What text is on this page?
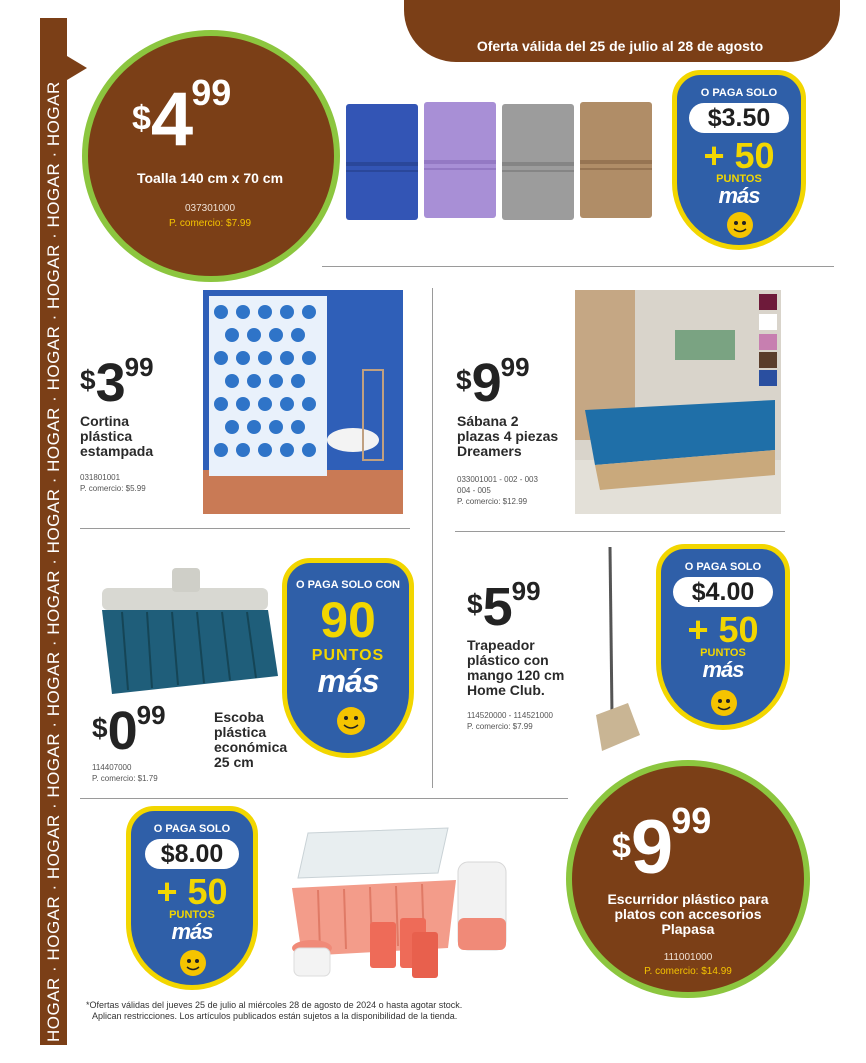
HOGAR · HOGAR · HOGAR · HOGAR · HOGAR · HOGAR · HOGAR · HOGAR · HOGAR · HOGAR · HOGAR · HOGAR
Oferta válida del 25 de julio al 28 de agosto
$499
Toalla 140 cm x 70 cm
037301000
P. comercio: $7.99
O PAGA SOLO
$3.50
+ 50
PUNTOS
más
$399
Cortina
plástica
estampada
031801001
P. comercio: $5.99
$999
Sábana 2
plazas 4 piezas
Dreamers
033001001 - 002 - 003
004 - 005
P. comercio: $12.99
$099	Escoba
plástica
económica
25 cm
114407000
P. comercio: $1.79
O PAGA SOLO CON
90
PUNTOS
más
$599
Trapeador
plástico con
mango 120 cm
Home Club.
114520000 - 114521000
P. comercio: $7.99
O PAGA SOLO
$4.00
+ 50
PUNTOS
más
O PAGA SOLO
$8.00
+ 50
PUNTOS
más
$999
Escurridor plástico para
platos con accesorios
Plapasa
111001000
P. comercio: $14.99
*Ofertas válidas del jueves 25 de julio al miércoles 28 de agosto de 2024 o hasta agotar stock.
Aplican restricciones. Los artículos publicados están sujetos a la disponibilidad de la tienda.
